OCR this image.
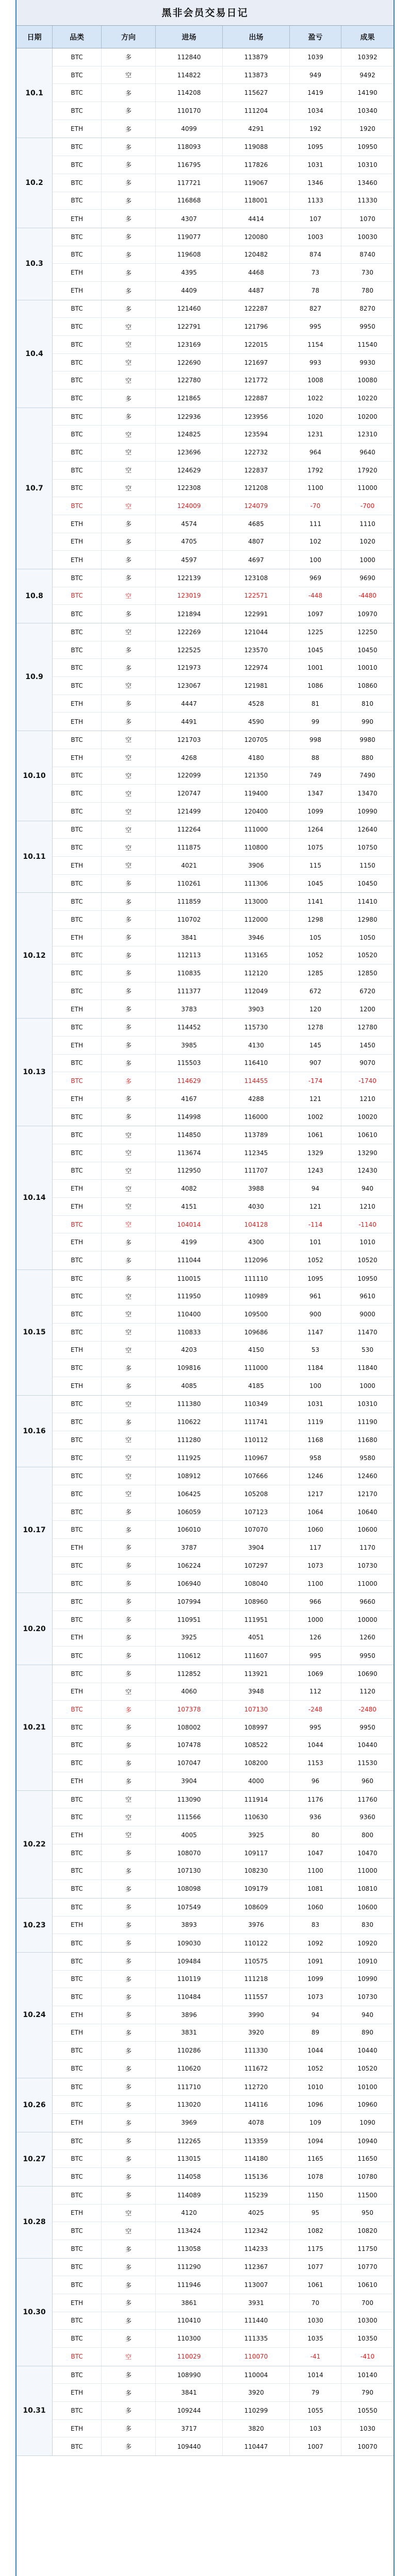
黑非会员交易日记
日期	品类	方向	进场	出场	盈亏	成果
10.1
BTC	多	112840	113879	1039	10392
BTC	空	114822	113873	949	9492
BTC	多	114208	115627	1419	14190
BTC	多	110170	111204	1034	10340
ETH	多	4099	4291	192	1920
10.2
BTC	多	118093	119088	1095	10950
BTC	多	116795	117826	1031	10310
BTC	多	117721	119067	1346	13460
BTC	多	116868	118001	1133	11330
ETH	多	4307	4414	107	1070
10.3
BTC	多	119077	120080	1003	10030
BTC	多	119608	120482	874	8740
ETH	多	4395	4468	73	730
ETH	多	4409	4487	78	780
10.4
BTC	多	121460	122287	827	8270
BTC	空	122791	121796	995	9950
BTC	空	123169	122015	1154	11540
BTC	空	122690	121697	993	9930
BTC	空	122780	121772	1008	10080
BTC	多	121865	122887	1022	10220
10.7
BTC	多	122936	123956	1020	10200
BTC	空	124825	123594	1231	12310
BTC	空	123696	122732	964	9640
BTC	空	124629	122837	1792	17920
BTC	空	122308	121208	1100	11000
BTC	空	124009	124079	-70	-700
ETH	多	4574	4685	111	1110
ETH	多	4705	4807	102	1020
ETH	多	4597	4697	100	1000
10.8
BTC	多	122139	123108	969	9690
BTC	空	123019	122571	-448	-4480
BTC	多	121894	122991	1097	10970
10.9
BTC	空	122269	121044	1225	12250
BTC	多	122525	123570	1045	10450
BTC	多	121973	122974	1001	10010
BTC	空	123067	121981	1086	10860
ETH	多	4447	4528	81	810
ETH	多	4491	4590	99	990
10.10
BTC	空	121703	120705	998	9980
ETH	空	4268	4180	88	880
BTC	空	122099	121350	749	7490
BTC	空	120747	119400	1347	13470
BTC	空	121499	120400	1099	10990
10.11
BTC	空	112264	111000	1264	12640
BTC	空	111875	110800	1075	10750
ETH	空	4021	3906	115	1150
BTC	多	110261	111306	1045	10450
10.12
BTC	多	111859	113000	1141	11410
BTC	多	110702	112000	1298	12980
ETH	多	3841	3946	105	1050
BTC	多	112113	113165	1052	10520
BTC	多	110835	112120	1285	12850
BTC	多	111377	112049	672	6720
ETH	多	3783	3903	120	1200
10.13
BTC	多	114452	115730	1278	12780
ETH	多	3985	4130	145	1450
BTC	多	115503	116410	907	9070
BTC	多	114629	114455	-174	-1740
ETH	多	4167	4288	121	1210
BTC	多	114998	116000	1002	10020
10.14
BTC	空	114850	113789	1061	10610
BTC	空	113674	112345	1329	13290
BTC	空	112950	111707	1243	12430
ETH	空	4082	3988	94	940
ETH	空	4151	4030	121	1210
BTC	空	104014	104128	-114	-1140
ETH	多	4199	4300	101	1010
BTC	多	111044	112096	1052	10520
10.15
BTC	多	110015	111110	1095	10950
BTC	空	111950	110989	961	9610
BTC	空	110400	109500	900	9000
BTC	空	110833	109686	1147	11470
ETH	空	4203	4150	53	530
BTC	多	109816	111000	1184	11840
ETH	多	4085	4185	100	1000
10.16
BTC	空	111380	110349	1031	10310
BTC	多	110622	111741	1119	11190
BTC	空	111280	110112	1168	11680
BTC	空	111925	110967	958	9580
10.17
BTC	空	108912	107666	1246	12460
BTC	空	106425	105208	1217	12170
BTC	多	106059	107123	1064	10640
BTC	多	106010	107070	1060	10600
ETH	多	3787	3904	117	1170
BTC	多	106224	107297	1073	10730
BTC	多	106940	108040	1100	11000
10.20
BTC	多	107994	108960	966	9660
BTC	多	110951	111951	1000	10000
ETH	多	3925	4051	126	1260
BTC	多	110612	111607	995	9950
10.21
BTC	多	112852	113921	1069	10690
ETH	空	4060	3948	112	1120
BTC	多	107378	107130	-248	-2480
BTC	多	108002	108997	995	9950
BTC	多	107478	108522	1044	10440
BTC	多	107047	108200	1153	11530
ETH	多	3904	4000	96	960
10.22
BTC	空	113090	111914	1176	11760
BTC	空	111566	110630	936	9360
ETH	空	4005	3925	80	800
BTC	多	108070	109117	1047	10470
BTC	多	107130	108230	1100	11000
BTC	多	108098	109179	1081	10810
10.23
BTC	多	107549	108609	1060	10600
ETH	多	3893	3976	83	830
BTC	多	109030	110122	1092	10920
10.24
BTC	多	109484	110575	1091	10910
BTC	多	110119	111218	1099	10990
BTC	多	110484	111557	1073	10730
ETH	多	3896	3990	94	940
ETH	多	3831	3920	89	890
BTC	多	110286	111330	1044	10440
BTC	多	110620	111672	1052	10520
10.26
BTC	多	111710	112720	1010	10100
BTC	多	113020	114116	1096	10960
ETH	多	3969	4078	109	1090
10.27
BTC	多	112265	113359	1094	10940
BTC	多	113015	114180	1165	11650
BTC	多	114058	115136	1078	10780
10.28
BTC	多	114089	115239	1150	11500
ETH	空	4120	4025	95	950
BTC	空	113424	112342	1082	10820
BTC	多	113058	114233	1175	11750
10.30
BTC	多	111290	112367	1077	10770
BTC	多	111946	113007	1061	10610
ETH	多	3861	3931	70	700
BTC	多	110410	111440	1030	10300
BTC	多	110300	111335	1035	10350
BTC	空	110029	110070	-41	-410
10.31
BTC	多	108990	110004	1014	10140
ETH	多	3841	3920	79	790
BTC	多	109244	110299	1055	10550
ETH	多	3717	3820	103	1030
BTC	多	109440	110447	1007	10070
